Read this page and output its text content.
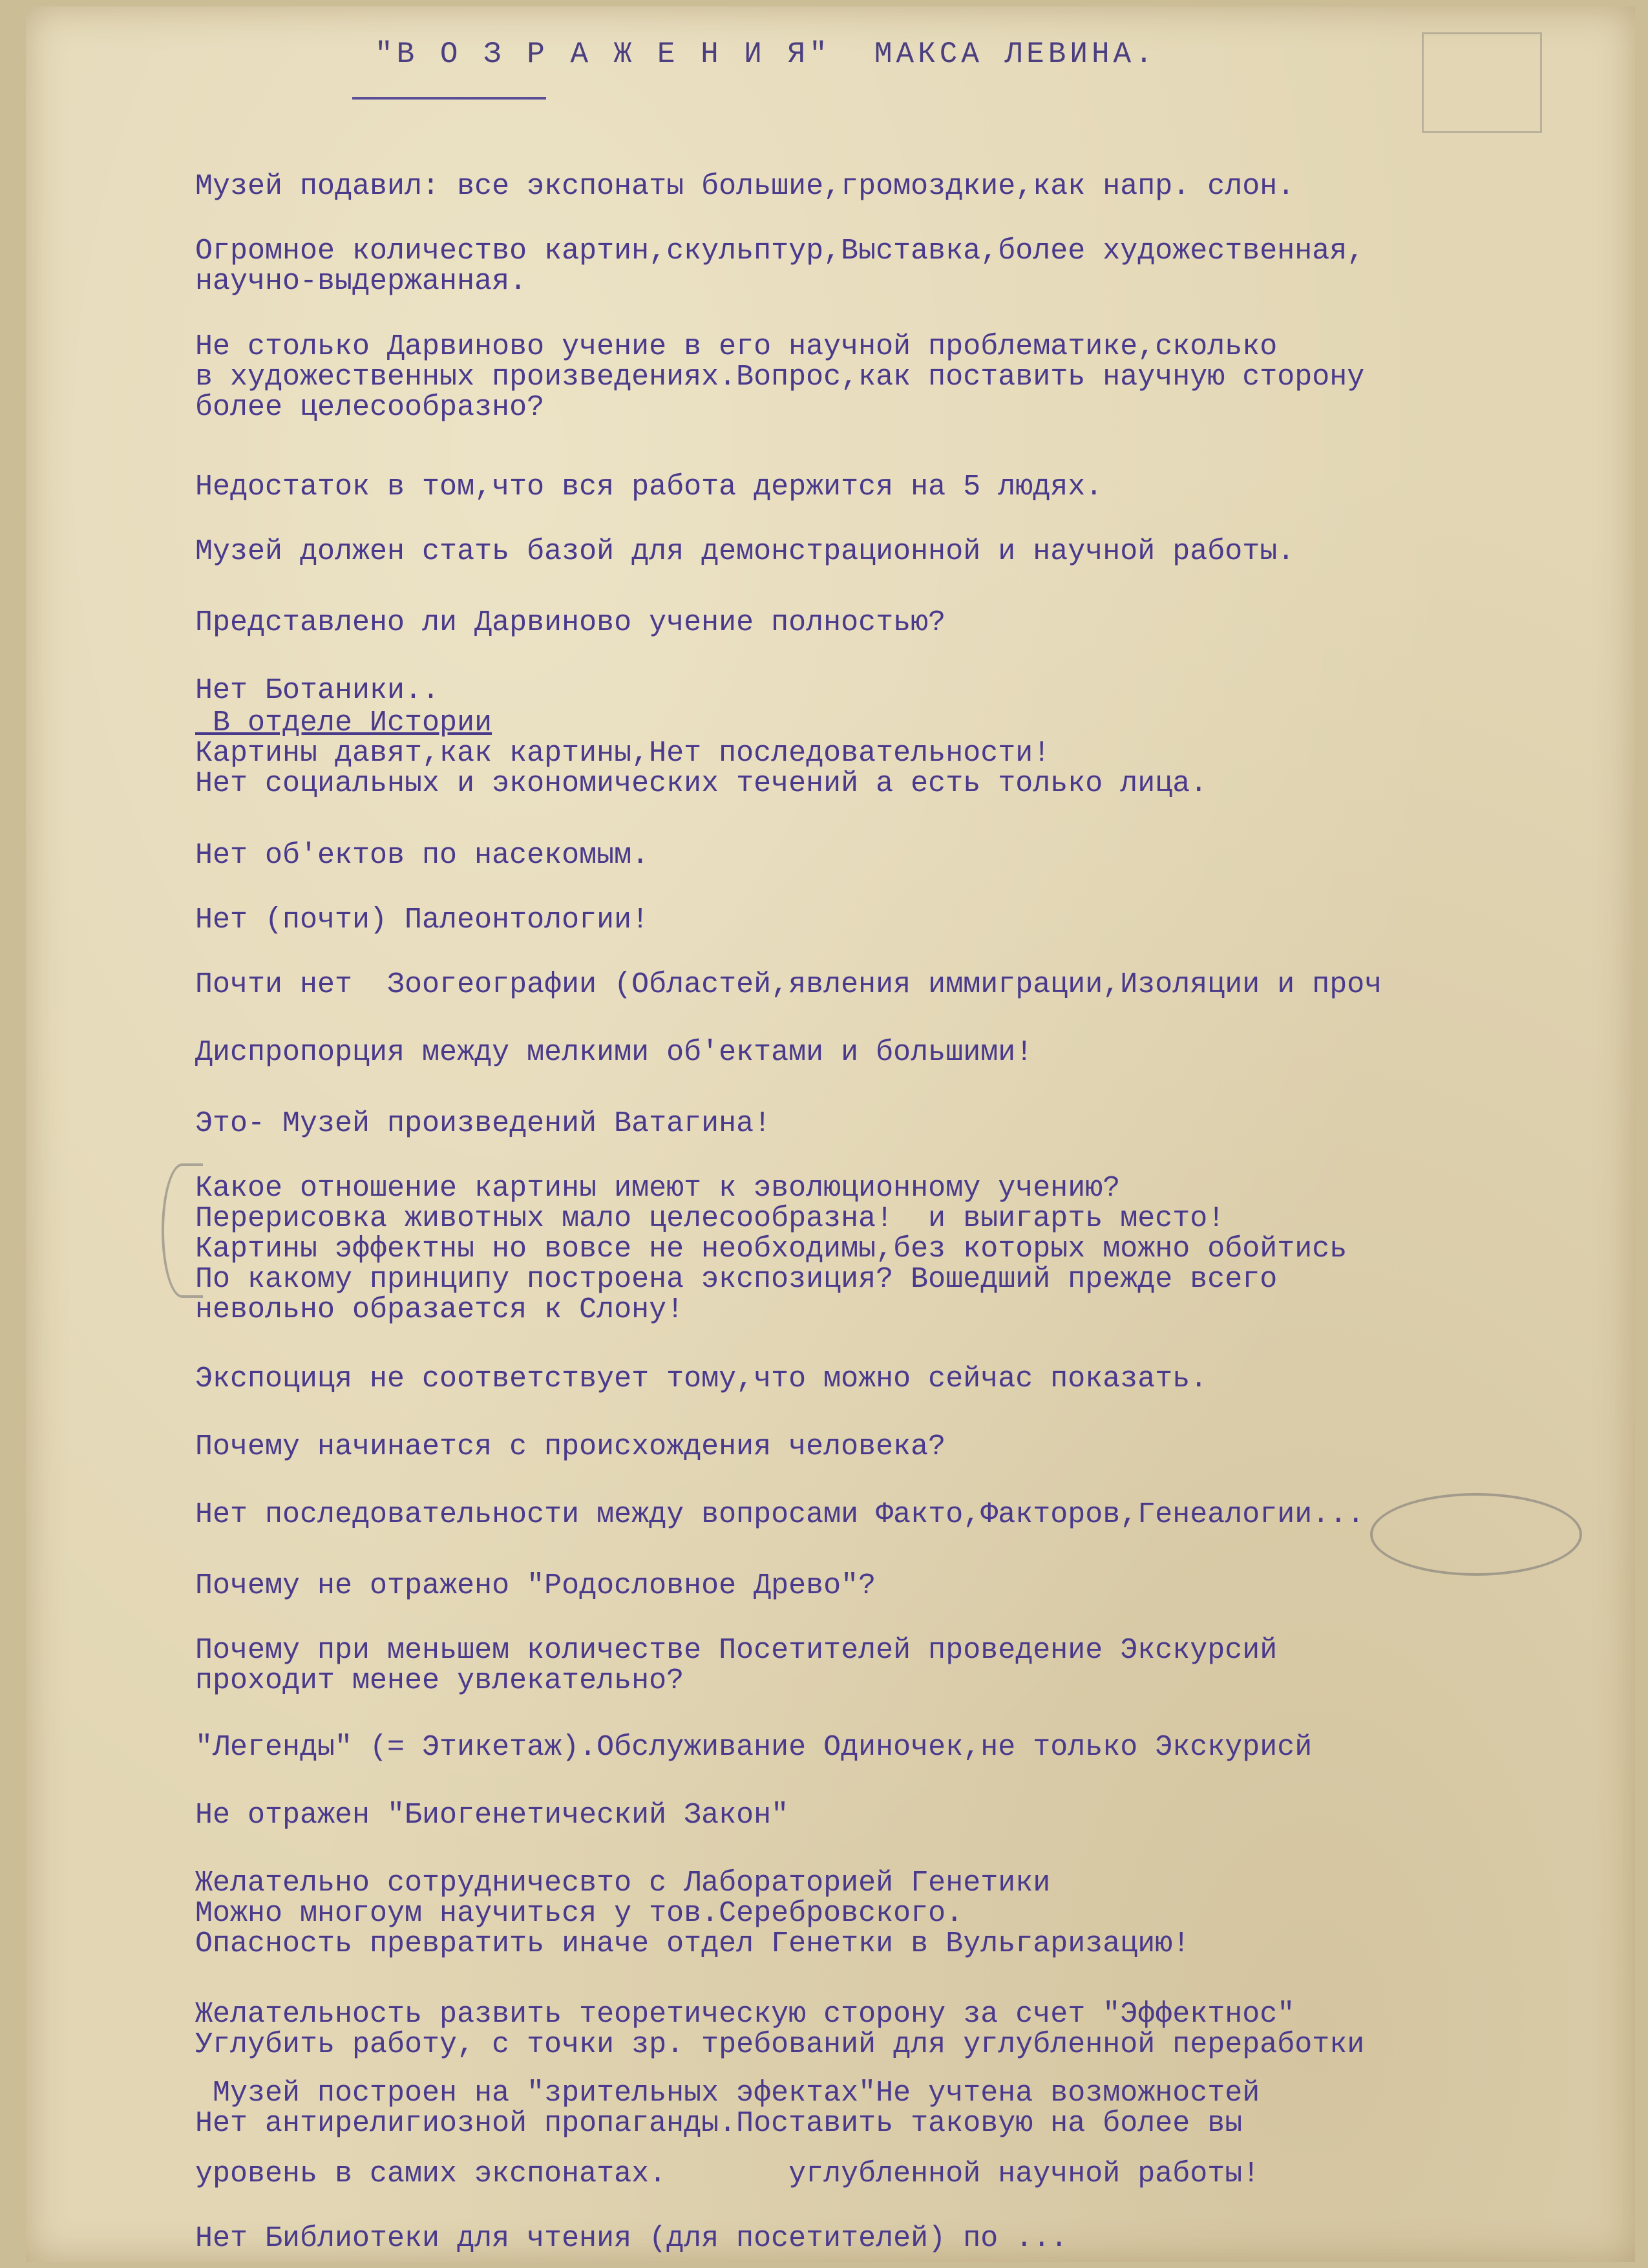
"В О З Р А Ж Е Н И Я"  МАКСА ЛЕВИНА.
Музей подавил: все экспонаты большие,громоздкие,как напр. слон.
Огромное количество картин,скульптур,Выставка,более художественная,
научно-выдержанная.
Не столько Дарвиново учение в его научной проблематике,сколько
в художественных произведениях.Вопрос,как поставить научную сторону
более целесообразно?
Недостаток в том,что вся работа держится на 5 людях.
Музей должен стать базой для демонстрационной и научной работы.
Представлено ли Дарвиново учение полностью?
Нет Ботаники..
В отделе Истории
Картины давят,как картины,Нет последовательности!
Нет социальных и экономических течений а есть только лица.
Нет об'ектов по насекомым.
Нет (почти) Палеонтологии!
Почти нет  Зоогеографии (Областей,явления иммиграции,Изоляции и проч
Диспропорция между мелкими об'ектами и большими!
Это- Музей произведений Ватагина!
Какое отношение картины имеют к эволюционному учению?
Перерисовка животных мало целесообразна!  и выигарть место!
Картины эффектны но вовсе не необходимы,без которых можно обойтись
По какому принципу построена экспозиция? Вошедший прежде всего
невольно образается к Слону!
Экспоциця не соответствует тому,что можно сейчас показать.
Почему начинается с происхождения человека?
Нет последовательности между вопросами Факто,Факторов,Генеалогии...
Почему не отражено "Родословное Древо"?
Почему при меньшем количестве Посетителей проведение Экскурсий
проходит менее увлекательно?
"Легенды" (= Этикетаж).Обслуживание Одиночек,не только Экскурисй
Не отражен "Биогенетический Закон"
Желательно сотрудничесвто с Лабораторией Генетики
Можно многоум научиться у тов.Серебровского.
Опасность превратить иначе отдел Генетки в Вульгаризацию!
Желательность развить теоретическую сторону за счет "Эффектнос"
Углубить работу, с точки зр. требований для углубленной переработки
Музей построен на "зрительных эфектах"Не учтена возможностей
Нет антирелигиозной пропаганды.Поставить таковую на более вы
уровень в самих экспонатах.       углубленной научной работы!
Нет Библиотеки для чтения (для посетителей) по ...
